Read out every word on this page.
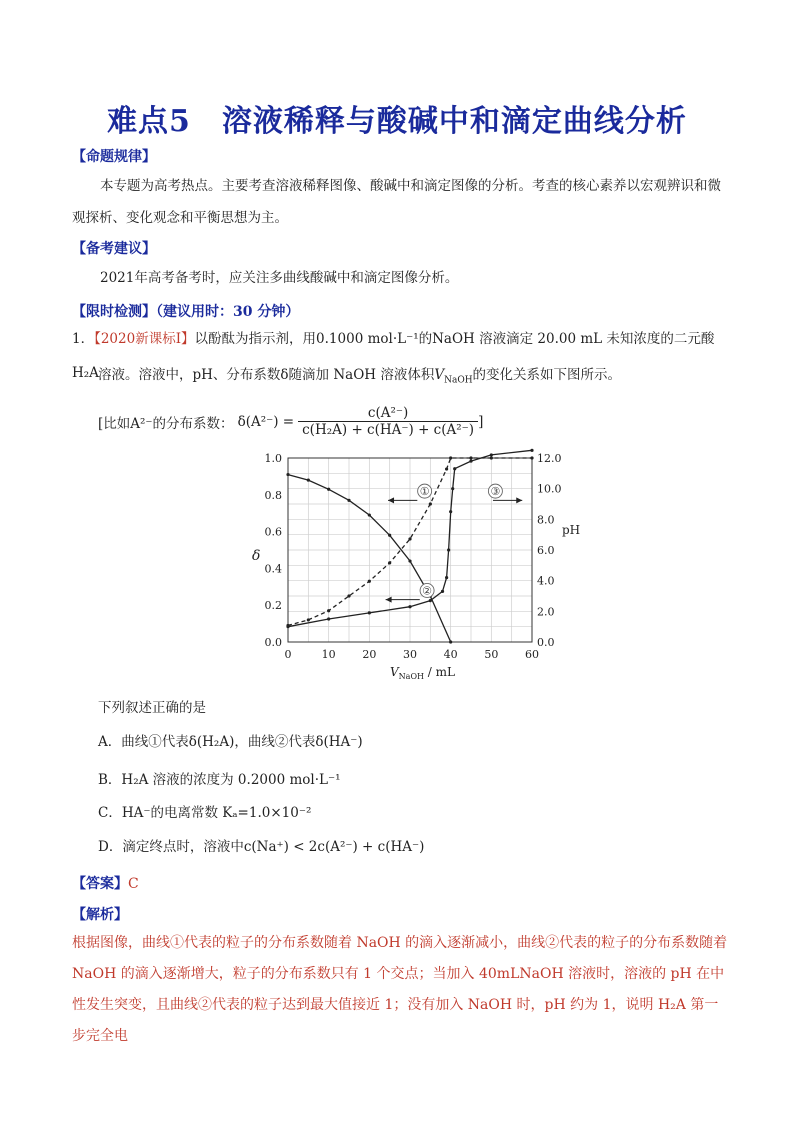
难点5　溶液稀释与酸碱中和滴定曲线分析
【命题规律】
本专题为高考热点。主要考查溶液稀释图像、酸碱中和滴定图像的分析。考查的核心素养以宏观辨识和微观探析、变化观念和平衡思想为主。
【备考建议】
2021年高考备考时，应关注多曲线酸碱中和滴定图像分析。
【限时检测】（建议用时：30 分钟）
1．【2020新课标Ⅰ】以酚酞为指示剂，用0.1000 mol·L⁻¹的NaOH 溶液滴定 20.00 mL 未知浓度的二元酸 H₂A 溶液。溶液中，pH、分布系数δ随滴加 NaOH 溶液体积$V_{NaOH}$的变化关系如下图所示。
[比如A²⁻的分布系数： $\delta(A^{2-}) = \frac{\text{c(A²⁻)}}{\text{c(H₂A) + c(HA⁻) + c(A²⁻)}}$ ]
0	10 20 30 40 50 60
0.0
0.2
0.4
0.6
0.8
1.0
0.0
2.0
4.0
6.0
8.0
10.0
12.0
δ
pH
$V_{NaOH}$ / mL
①
②
③
下列叙述正确的是
A．曲线①代表δ(H₂A)，曲线②代表δ(HA⁻)
B．H₂A 溶液的浓度为 0.2000 mol·L⁻¹
C．HA⁻的电离常数 Kₐ=1.0×10⁻²
D．滴定终点时，溶液中c(Na⁺) < 2c(A²⁻) + c(HA⁻)
【答案】C
【解析】
根据图像，曲线①代表的粒子的分布系数随着 NaOH 的滴入逐渐减小，曲线②代表的粒子的分布系数随着 NaOH 的滴入逐渐增大，粒子的分布系数只有 1 个交点；当加入 40mLNaOH 溶液时，溶液的 pH 在中性发生突变，且曲线②代表的粒子达到最大值接近 1；没有加入 NaOH 时，pH 约为 1，说明 H₂A 第一步完全电
